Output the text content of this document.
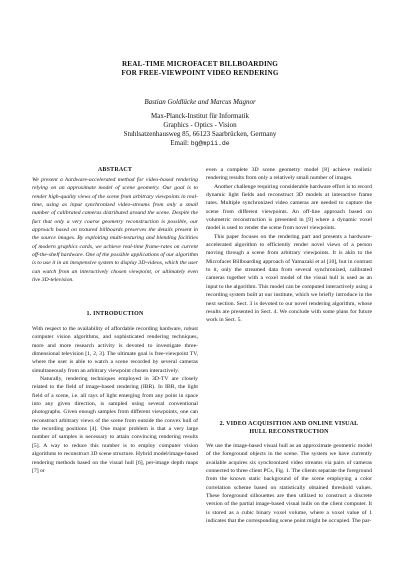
REAL-TIME MICROFACET BILLBOARDING
FOR FREE-VIEWPOINT VIDEO RENDERING
Bastian Goldlücke and Marcus Magnor
Max-Planck-Institut für Informatik
Graphics - Optics - Vision
Stuhlsatzenhausweg 85, 66123 Saarbrücken, Germany
Email: bg@mpii.de
ABSTRACT
We present a hardware-accelerated method for video-based rendering relying on an approximate model of scene geometry. Our goal is to render high-quality views of the scene from arbitrary viewpoints in real-time, using as input synchronized video-streams from only a small number of calibrated cameras distributed around the scene. Despite the fact that only a very coarse geometry reconstruction is possible, our approach based on textured billboards preserves the details present in the source images. By exploiting multi-texturing and blending facilities of modern graphics cards, we achieve real-time frame-rates on current off-the-shelf hardware. One of the possible applications of our algorithm is to use it in an inexpensive system to display 3D-videos, which the user can watch from an interactively chosen viewpoint, or ultimately even live 3D-television.
1. INTRODUCTION
With respect to the availability of affordable recording hardware, robust computer vision algorithms, and sophisticated rendering techniques, more and more research activity is devoted to investigate three-dimensional television [1, 2, 3]. The ultimate goal is free-viewpoint TV, where the user is able to watch a scene recorded by several cameras simultaneously from an arbitrary viewpoint chosen interactively.
Naturally, rendering techniques employed in 3D-TV are closely related to the field of image-based rendering (IBR). In IBR, the light field of a scene, i.e. all rays of light emerging from any point in space into any given direction, is sampled using several conventional photographs. Given enough samples from different viewpoints, one can reconstruct arbitrary views of the scene from outside the convex hull of the recording positions [4]. One major problem is that a very large number of samples is necessary to attain convincing rendering results [5]. A way to reduce this number is to employ computer vision algorithms to reconstruct 3D scene structure. Hybrid model/image-based rendering methods based on the visual hull [6], per-image depth maps [7] or
even a complete 3D scene geometry model [8] achieve realistic rendering results from only a relatively small number of images.
Another challenge requiring considerable hardware effort is to record dynamic light fields and reconstruct 3D models at interactive frame rates. Multiple synchronized video cameras are needed to capture the scene from different viewpoints. An off-line approach based on volumetric reconstruction is presented in [9] where a dynamic voxel model is used to render the scene from novel viewpoints.
This paper focuses on the rendering part and presents a hardware-accelerated algorithm to efficiently render novel views of a person moving through a scene from arbitrary viewpoints. It is akin to the Microfacet Billboarding approach of Yamazaki et al [10], but in contrast to it, only the streamed data from several synchronized, calibrated cameras together with a voxel model of the visual hull is used as an input to the algorithm. This model can be computed interactively using a recording system built at our institute, which we briefly introduce in the next section. Sect. 3 is devoted to our novel rendering algorithm, whose results are presented in Sect. 4. We conclude with some plans for future work in Sect. 5.
2. VIDEO ACQUISITION AND ONLINE VISUAL
HULL RECONSTRUCTION
We use the image-based visual hull as an approximate geometric model of the foreground objects in the scene. The system we have currently available acquires six synchronized video streams via pairs of cameras connected to three client PCs, Fig. 1. The clients separate the foreground from the known static background of the scene employing a color correlation scheme based on statistically obtained threshold values. These foreground silhouettes are then utilized to construct a discrete version of the partial image-based visual hulls on the client computer. It is stored as a cubic binary voxel volume, where a voxel value of 1 indicates that the corresponding scene point might be occupied. The par-
